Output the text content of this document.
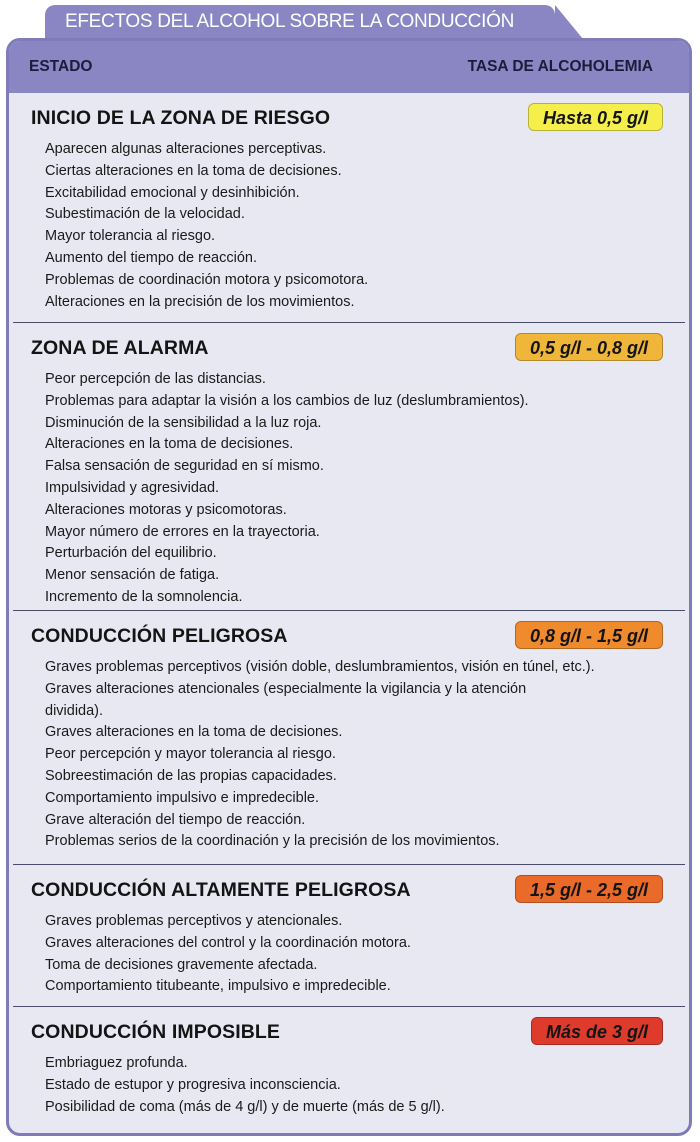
EFECTOS DEL ALCOHOL SOBRE LA CONDUCCIÓN
ESTADO	TASA DE ALCOHOLEMIA
INICIO DE LA ZONA DE RIESGO	Hasta 0,5 g/l
Aparecen algunas alteraciones perceptivas.
Ciertas alteraciones en la toma de decisiones.
Excitabilidad emocional y desinhibición.
Subestimación de la velocidad.
Mayor tolerancia al riesgo.
Aumento del tiempo de reacción.
Problemas de coordinación motora y psicomotora.
Alteraciones en la precisión de los movimientos.
ZONA DE ALARMA	0,5 g/l - 0,8 g/l
Peor percepción de las distancias.
Problemas para adaptar la visión a los cambios de luz (deslumbramientos).
Disminución de la sensibilidad a la luz roja.
Alteraciones en la toma de decisiones.
Falsa sensación de seguridad en sí mismo.
Impulsividad y agresividad.
Alteraciones motoras y psicomotoras.
Mayor número de errores en la trayectoria.
Perturbación del equilibrio.
Menor sensación de fatiga.
Incremento de la somnolencia.
CONDUCCIÓN PELIGROSA	0,8 g/l - 1,5 g/l
Graves problemas perceptivos (visión doble, deslumbramientos, visión en túnel, etc.).
Graves alteraciones atencionales (especialmente la vigilancia y la atención
dividida).
Graves alteraciones en la toma de decisiones.
Peor percepción y mayor tolerancia al riesgo.
Sobreestimación de las propias capacidades.
Comportamiento impulsivo e impredecible.
Grave alteración del tiempo de reacción.
Problemas serios de la coordinación y la precisión de los movimientos.
CONDUCCIÓN ALTAMENTE PELIGROSA	1,5 g/l - 2,5 g/l
Graves problemas perceptivos y atencionales.
Graves alteraciones del control y la coordinación motora.
Toma de decisiones gravemente afectada.
Comportamiento titubeante, impulsivo e impredecible.
CONDUCCIÓN IMPOSIBLE	Más de 3 g/l
Embriaguez profunda.
Estado de estupor y progresiva inconsciencia.
Posibilidad de coma (más de 4 g/l) y de muerte (más de 5 g/l).
